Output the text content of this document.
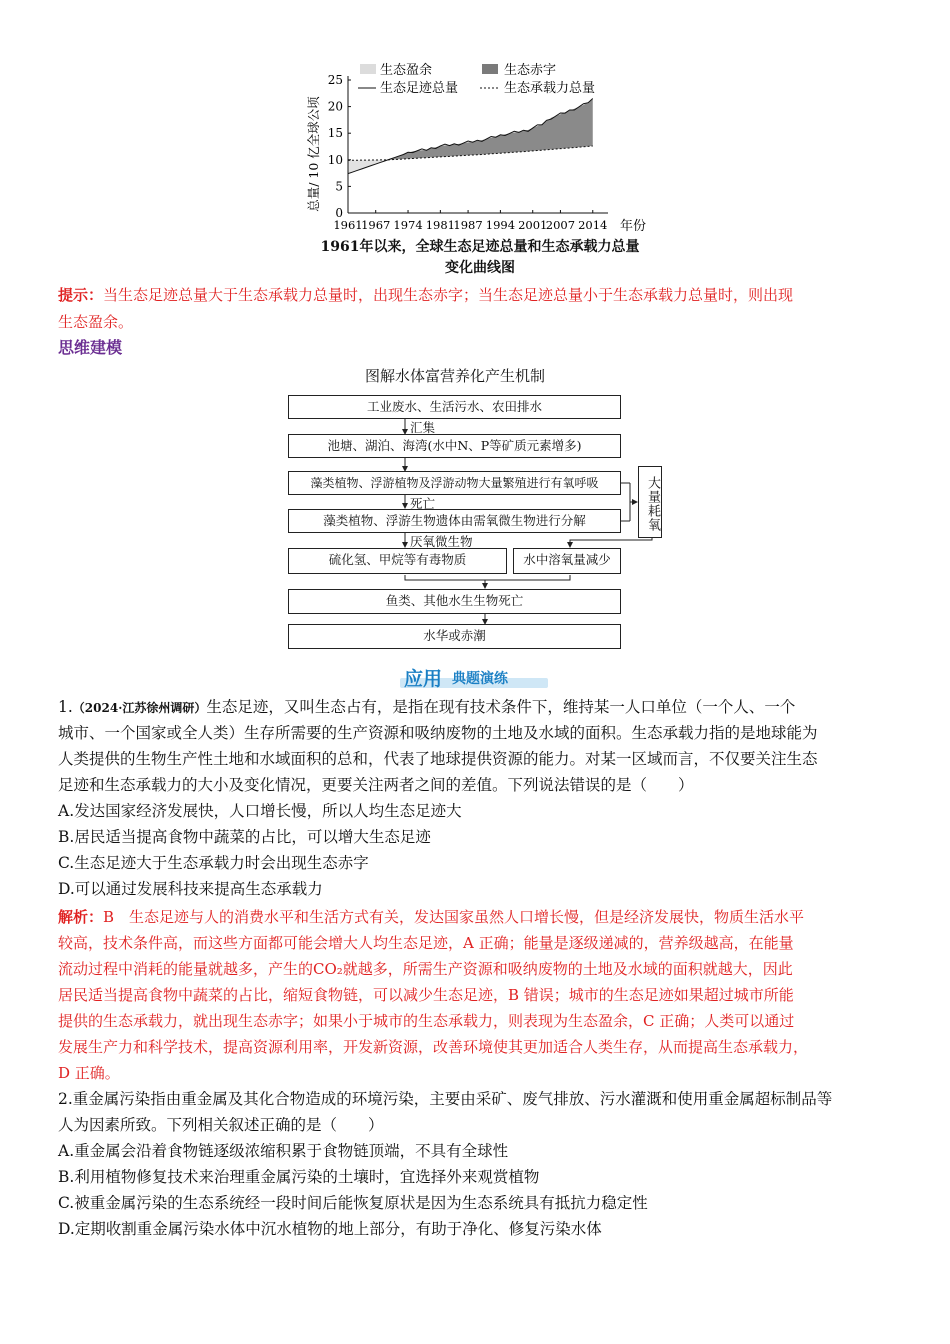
生态盈余	生态赤字
生态足迹总量	生态承载力总量
总量/ 10 亿全球公顷
0
5
10
15
20
25
1961
1967 1974 1981
1987 1994 2001
2007 2014 年份
1961年以来，全球生态足迹总量和生态承载力总量
变化曲线图
提示：当生态足迹总量大于生态承载力总量时，出现生态赤字；当生态足迹总量小于生态承载力总量时，则出现
生态盈余。
思维建模
图解水体富营养化产生机制
工业废水、生活污水、农田排水
汇集
池塘、湖泊、海湾(水中N、P等矿质元素增多)
藻类植物、浮游植物及浮游动物大量繁殖进行有氧呼吸
死亡
藻类植物、浮游生物遗体由需氧微生物进行分解
厌氧微生物
硫化氢、甲烷等有毒物质	水中溶氧量减少
鱼类、其他水生生物死亡
水华或赤潮
大量耗氧
应用 典题演练
1.（2024·江苏徐州调研）生态足迹，又叫生态占有，是指在现有技术条件下，维持某一人口单位（一个人、一个
城市、一个国家或全人类）生存所需要的生产资源和吸纳废物的土地及水域的面积。生态承载力指的是地球能为
人类提供的生物生产性土地和水域面积的总和，代表了地球提供资源的能力。对某一区域而言，不仅要关注生态
足迹和生态承载力的大小及变化情况，更要关注两者之间的差值。下列说法错误的是（　　）
A.发达国家经济发展快，人口增长慢，所以人均生态足迹大
B.居民适当提高食物中蔬菜的占比，可以增大生态足迹
C.生态足迹大于生态承载力时会出现生态赤字
D.可以通过发展科技来提高生态承载力
解析：B　生态足迹与人的消费水平和生活方式有关，发达国家虽然人口增长慢，但是经济发展快，物质生活水平
较高，技术条件高，而这些方面都可能会增大人均生态足迹，A 正确；能量是逐级递减的，营养级越高，在能量
流动过程中消耗的能量就越多，产生的CO₂就越多，所需生产资源和吸纳废物的土地及水域的面积就越大，因此
居民适当提高食物中蔬菜的占比，缩短食物链，可以减少生态足迹，B 错误；城市的生态足迹如果超过城市所能
提供的生态承载力，就出现生态赤字；如果小于城市的生态承载力，则表现为生态盈余，C 正确；人类可以通过
发展生产力和科学技术，提高资源利用率，开发新资源，改善环境使其更加适合人类生存，从而提高生态承载力，
D 正确。
2.重金属污染指由重金属及其化合物造成的环境污染，主要由采矿、废气排放、污水灌溉和使用重金属超标制品等
人为因素所致。下列相关叙述正确的是（　　）
A.重金属会沿着食物链逐级浓缩积累于食物链顶端，不具有全球性
B.利用植物修复技术来治理重金属污染的土壤时，宜选择外来观赏植物
C.被重金属污染的生态系统经一段时间后能恢复原状是因为生态系统具有抵抗力稳定性
D.定期收割重金属污染水体中沉水植物的地上部分，有助于净化、修复污染水体
